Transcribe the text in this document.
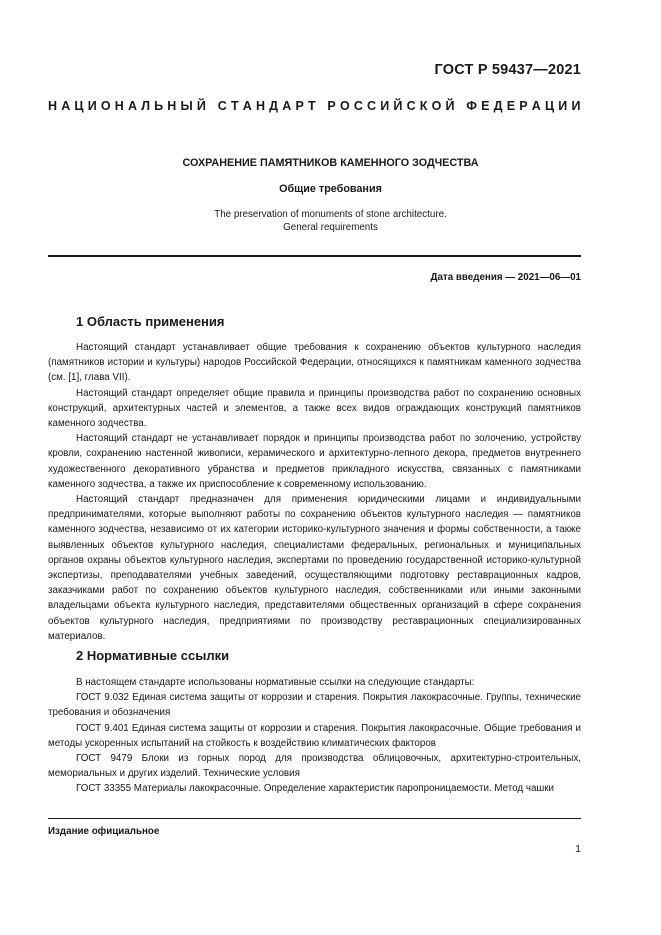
ГОСТ Р 59437—2021
Н А Ц И О Н А Л Ь Н Ы Й
С Т А Н Д А Р Т
Р О С С И Й С К О Й
Ф Е Д Е Р А Ц И И
СОХРАНЕНИЕ ПАМЯТНИКОВ КАМЕННОГО ЗОДЧЕСТВА
Общие требования
The preservation of monuments of stone architecture.
General requirements
Дата введения — 2021—06—01
1 Область применения

Настоящий стандарт устанавливает общие требования к сохранению объектов культурного наследия (памятников истории и культуры) народов Российской Федерации, относящихся к памятникам каменного зодчества (см. [1], глава VII).

Настоящий стандарт определяет общие правила и принципы производства работ по сохранению основных конструкций, архитектурных частей и элементов, а также всех видов ограждающих конструкций памятников каменного зодчества.

Настоящий стандарт не устанавливает порядок и принципы производства работ по золочению, устройству кровли, сохранению настенной живописи, керамического и архитектурно-лепного декора, предметов внутреннего художественного декоративного убранства и предметов прикладного искусства, связанных с памятниками каменного зодчества, а также их приспособление к современному использованию.

Настоящий стандарт предназначен для применения юридическими лицами и индивидуальными предпринимателями, которые выполняют работы по сохранению объектов культурного наследия — памятников каменного зодчества, независимо от их категории историко-культурного значения и формы собственности, а также выявленных объектов культурного наследия, специалистами федеральных, региональных и муниципальных органов охраны объектов культурного наследия, экспертами по проведению государственной историко-культурной экспертизы, преподавателями учебных заведений, осуществляющими подготовку реставрационных кадров, заказчиками работ по сохранению объектов культурного наследия, собственниками или иными законными владельцами объекта культурного наследия, представителями общественных организаций в сфере сохранения объектов культурного наследия, предприятиями по производству реставрационных специализированных материалов.

2 Нормативные ссылки

В настоящем стандарте использованы нормативные ссылки на следующие стандарты:

ГОСТ 9.032 Единая система защиты от коррозии и старения. Покрытия лакокрасочные. Группы, технические требования и обозначения

ГОСТ 9.401 Единая система защиты от коррозии и старения. Покрытия лакокрасочные. Общие требования и методы ускоренных испытаний на стойкость к воздействию климатических факторов

ГОСТ 9479 Блоки из горных пород для производства облицовочных, архитектурно-строительных, мемориальных и других изделий. Технические условия

ГОСТ 33355 Материалы лакокрасочные. Определение характеристик паропроницаемости. Метод чашки

Издание официальное
1
